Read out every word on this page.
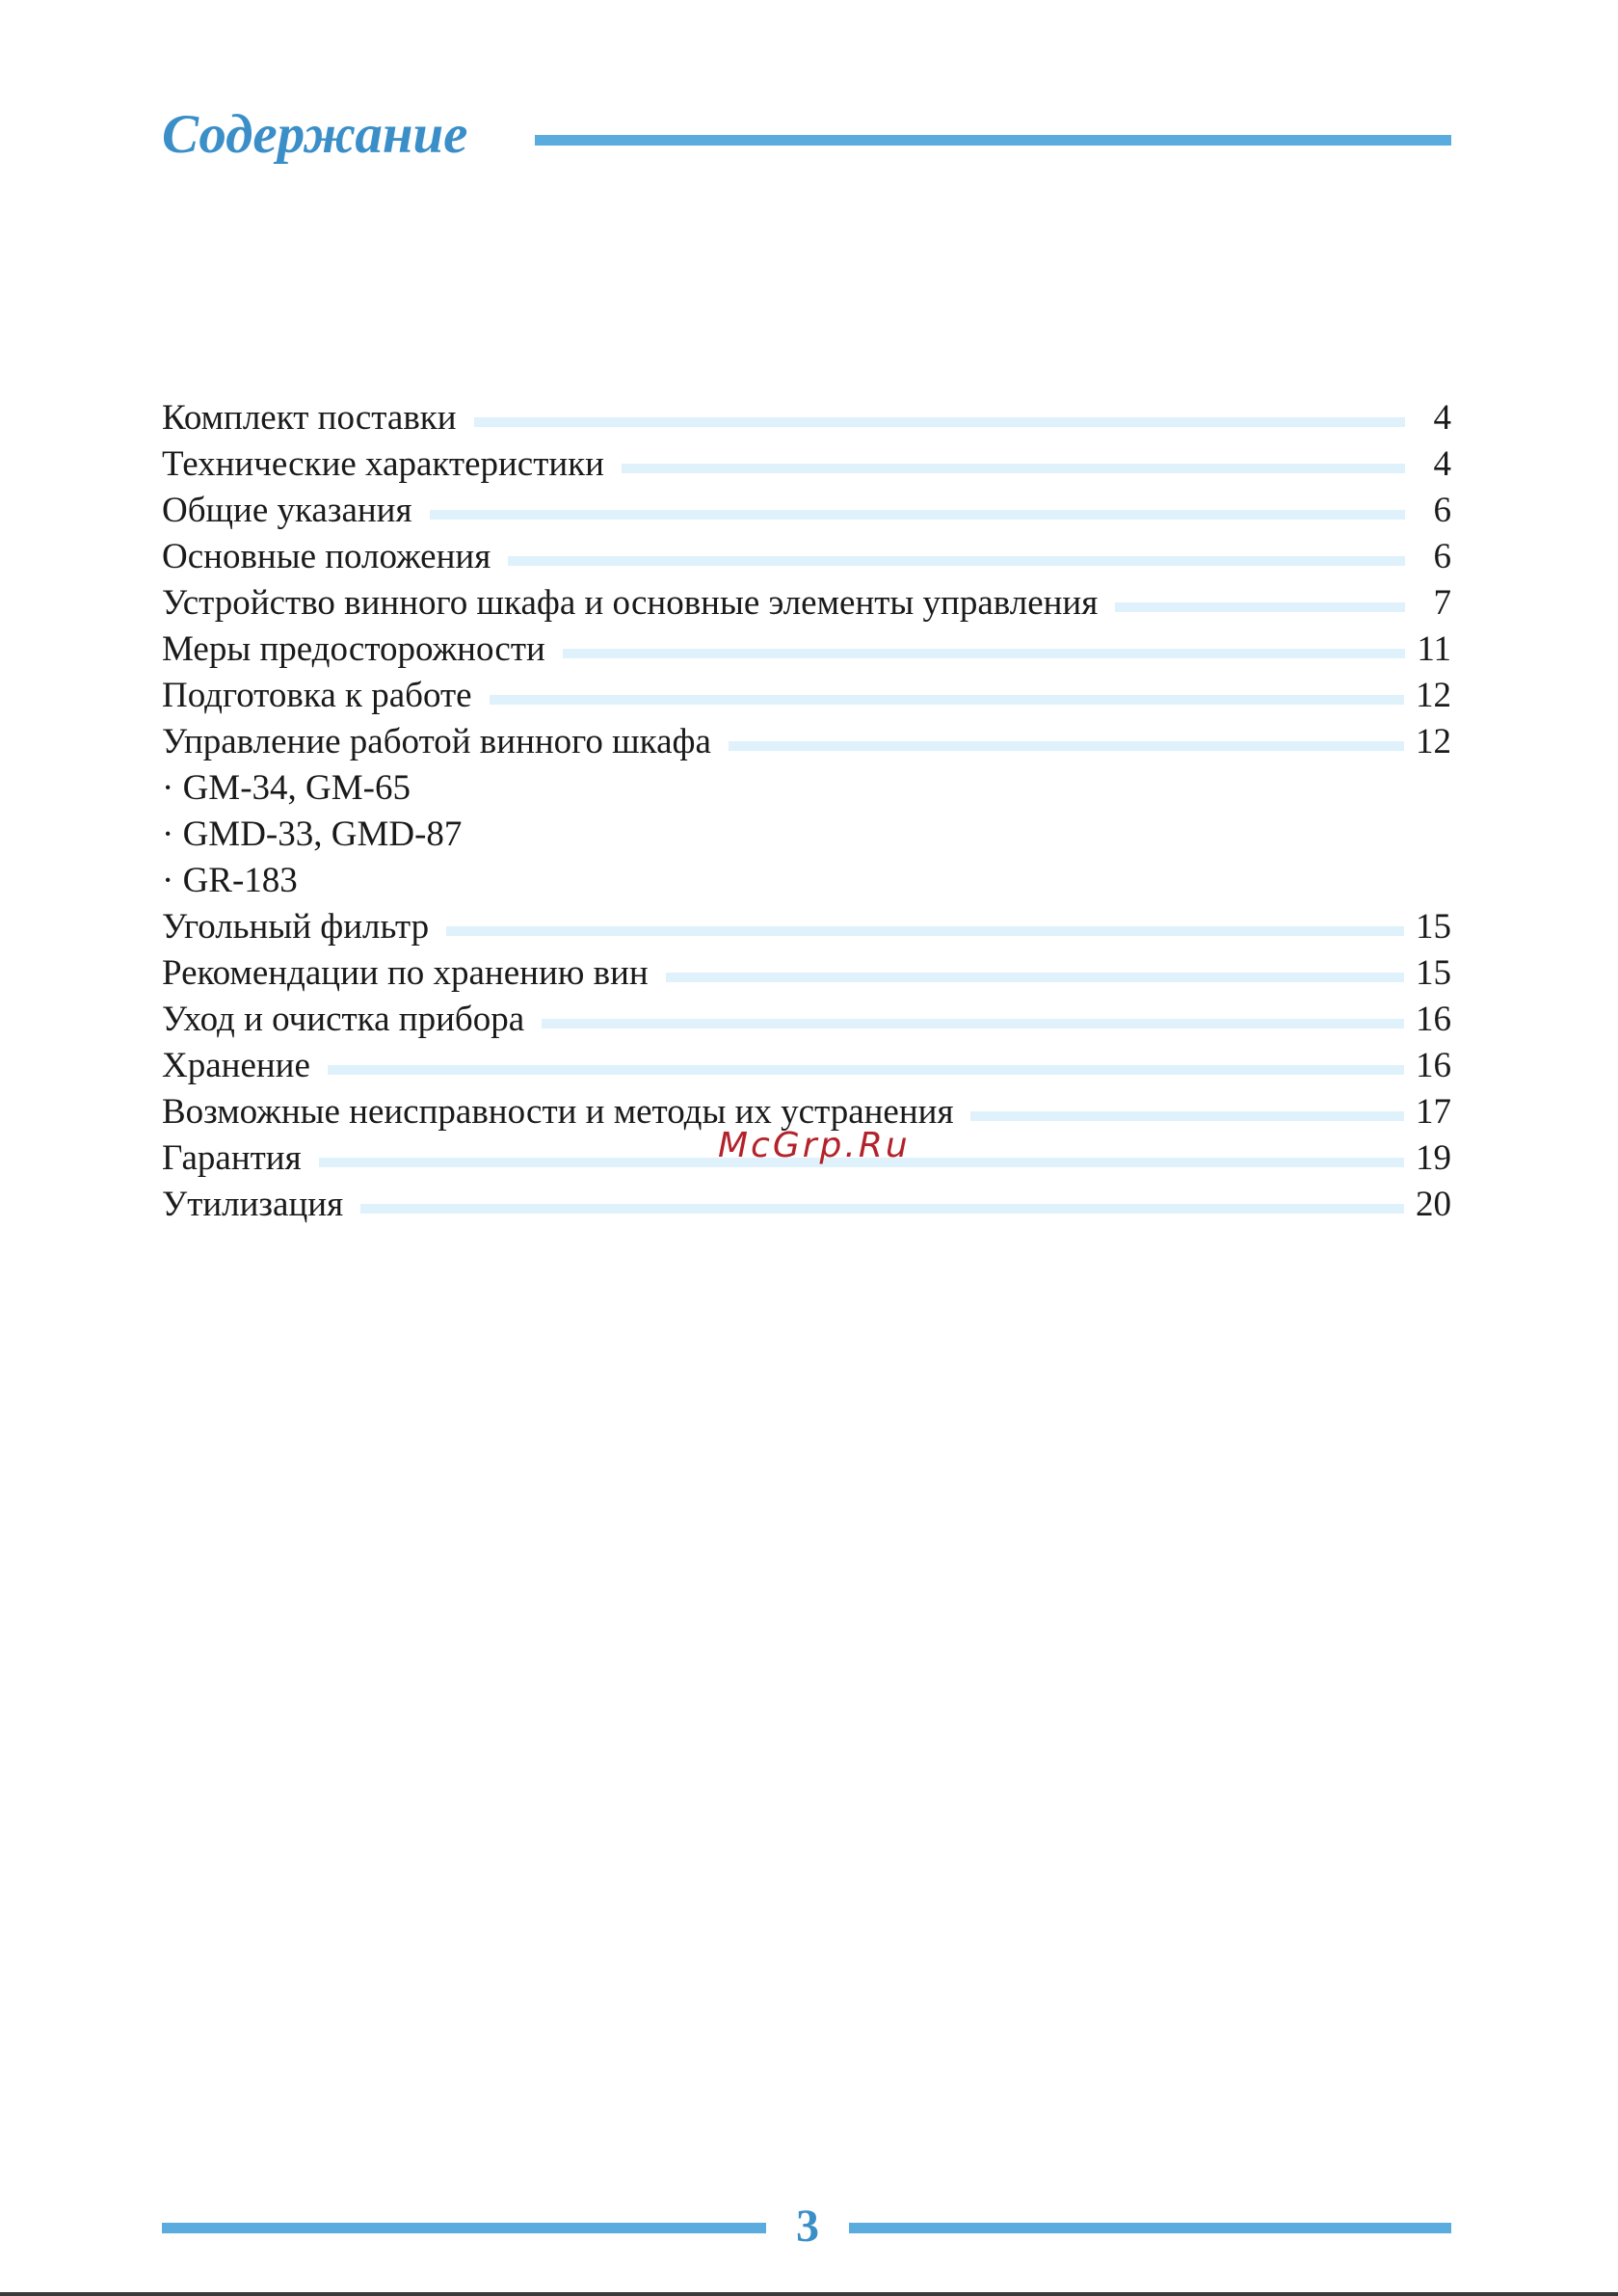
Содержание
Комплект поставки	4
Технические характеристики	4
Общие указания	6
Основные положения	6
Устройство винного шкафа и основные элементы управления	7
Меры предосторожности	11
Подготовка к работе	12
Управление работой винного шкафа	12
· GM-34, GM-65
· GMD-33, GMD-87
· GR-183
Угольный фильтр	15
Рекомендации по хранению вин	15
Уход и очистка прибора	16
Хранение	16
Возможные неисправности и методы их устранения	17
Гарантия	19
Утилизация	20
McGrp.Ru
3
